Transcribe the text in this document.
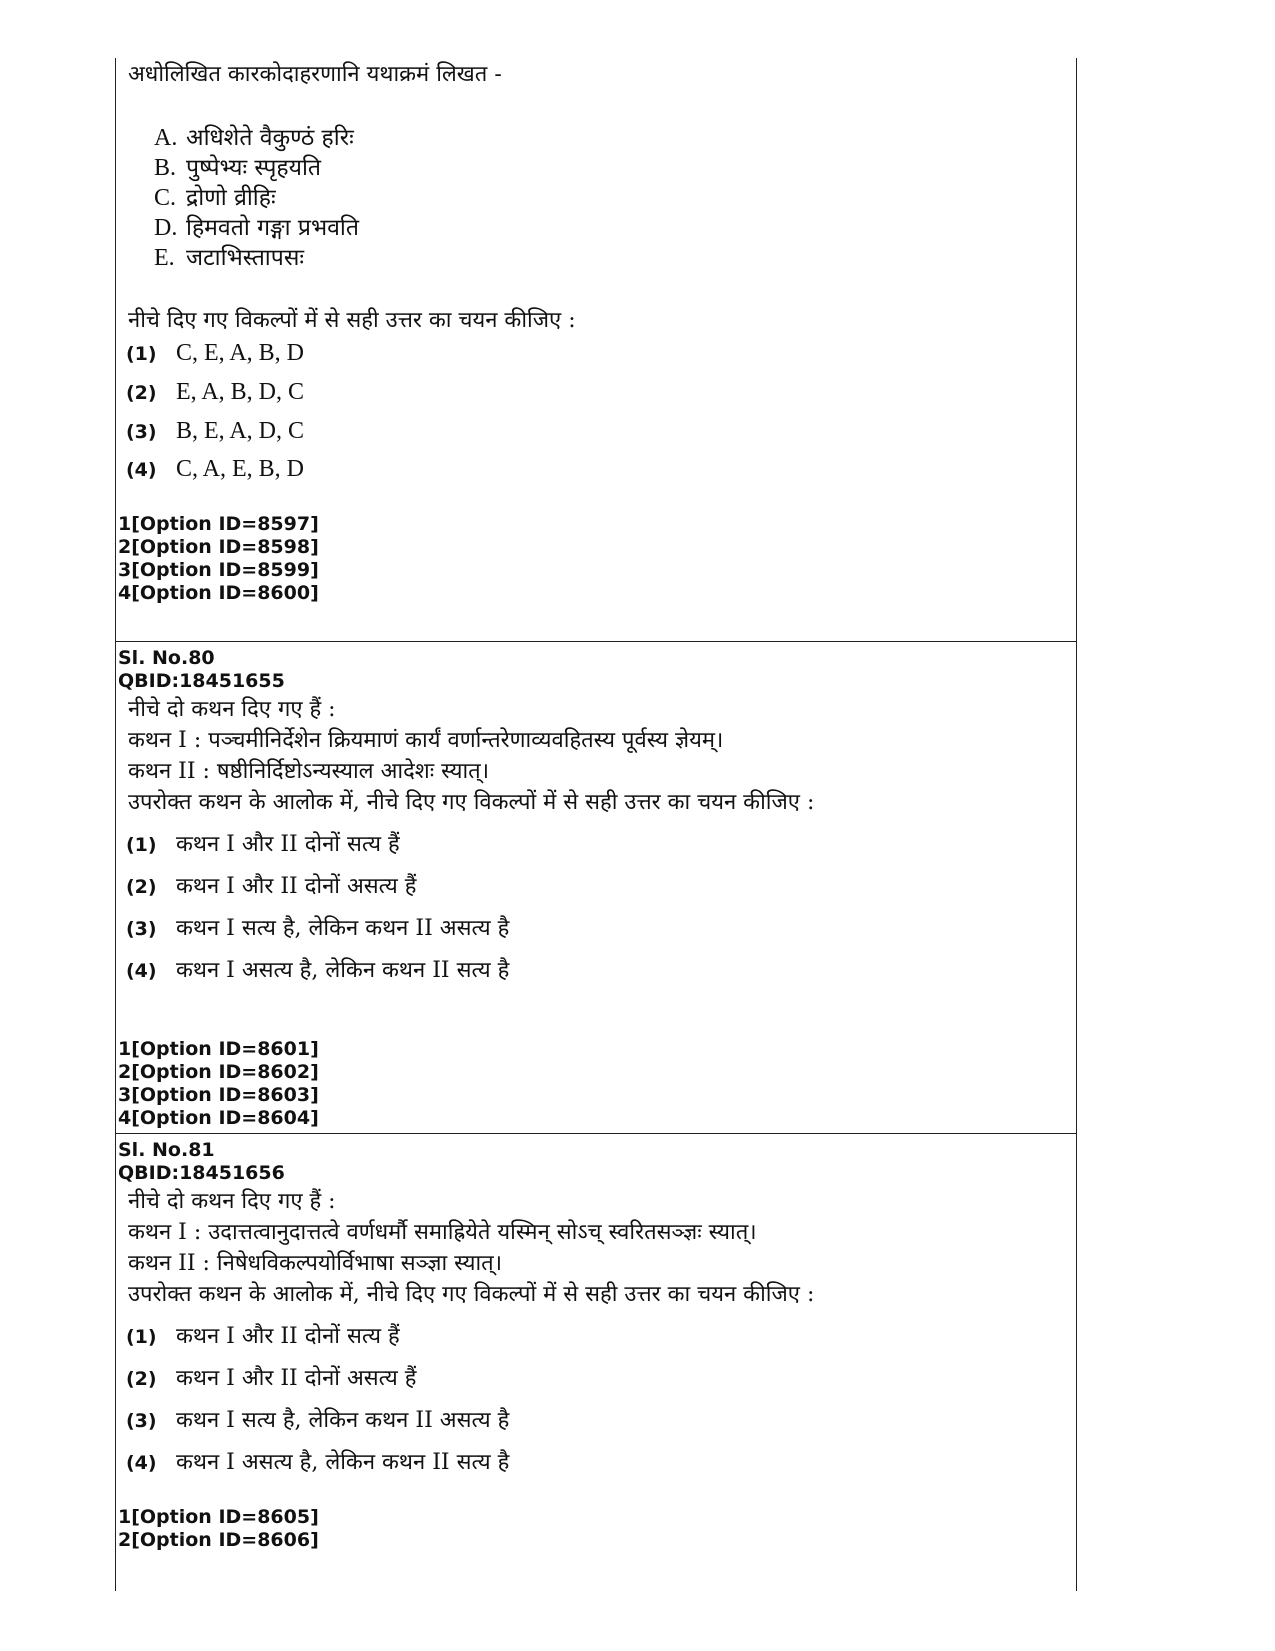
अधोलिखित कारकोदाहरणानि यथाक्रमं लिखत -
A. अधिशेते वैकुण्ठं हरिः
B. पुष्पेभ्यः स्पृहयति
C. द्रोणो व्रीहिः
D. हिमवतो गङ्गा प्रभवति
E. जटाभिस्तापसः
नीचे दिए गए विकल्पों में से सही उत्तर का चयन कीजिए :
(1) C, E, A, B, D
(2) E, A, B, D, C
(3) B, E, A, D, C
(4) C, A, E, B, D
1[Option ID=8597]
2[Option ID=8598]
3[Option ID=8599]
4[Option ID=8600]
Sl. No.80
QBID:18451655
नीचे दो कथन दिए गए हैं :
कथन I : पञ्चमीनिर्देशेन क्रियमाणं कार्यं वर्णान्तरेणाव्यवहितस्य पूर्वस्य ज्ञेयम्।
कथन II : षष्ठीनिर्दिष्टोऽन्यस्याल आदेशः स्यात्।
उपरोक्त कथन के आलोक में, नीचे दिए गए विकल्पों में से सही उत्तर का चयन कीजिए :
(1) कथन I और II दोनों सत्य हैं
(2) कथन I और II दोनों असत्य हैं
(3) कथन I सत्य है, लेकिन कथन II असत्य है
(4) कथन I असत्य है, लेकिन कथन II सत्य है
1[Option ID=8601]
2[Option ID=8602]
3[Option ID=8603]
4[Option ID=8604]
Sl. No.81
QBID:18451656
नीचे दो कथन दिए गए हैं :
कथन I : उदात्तत्वानुदात्तत्वे वर्णधर्मौ समाह्रियेते यस्मिन् सोऽच् स्वरितसञ्ज्ञः स्यात्।
कथन II : निषेधविकल्पयोर्विभाषा सञ्ज्ञा स्यात्।
उपरोक्त कथन के आलोक में, नीचे दिए गए विकल्पों में से सही उत्तर का चयन कीजिए :
(1) कथन I और II दोनों सत्य हैं
(2) कथन I और II दोनों असत्य हैं
(3) कथन I सत्य है, लेकिन कथन II असत्य है
(4) कथन I असत्य है, लेकिन कथन II सत्य है
1[Option ID=8605]
2[Option ID=8606]
